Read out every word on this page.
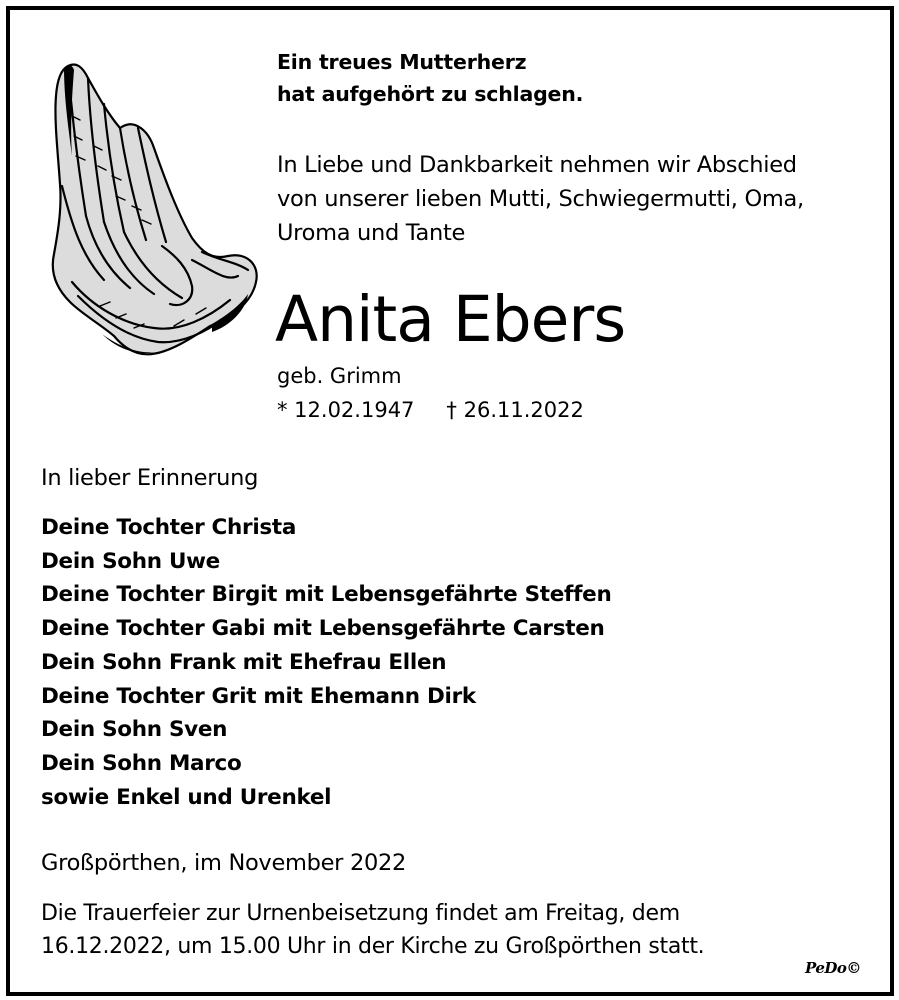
Ein treues Mutterherz
hat aufgehört zu schlagen.
In Liebe und Dankbarkeit nehmen wir Abschied
von unserer lieben Mutti, Schwiegermutti, Oma,
Uroma und Tante
Anita Ebers
geb. Grimm
* 12.02.1947 † 26.11.2022
In lieber Erinnerung
Deine Tochter Christa
Dein Sohn Uwe
Deine Tochter Birgit mit Lebensgefährte Steffen
Deine Tochter Gabi mit Lebensgefährte Carsten
Dein Sohn Frank mit Ehefrau Ellen
Deine Tochter Grit mit Ehemann Dirk
Dein Sohn Sven
Dein Sohn Marco
sowie Enkel und Urenkel
Großpörthen, im November 2022
Die Trauerfeier zur Urnenbeisetzung findet am Freitag, dem
16.12.2022, um 15.00 Uhr in der Kirche zu Großpörthen statt.
PeDo©
